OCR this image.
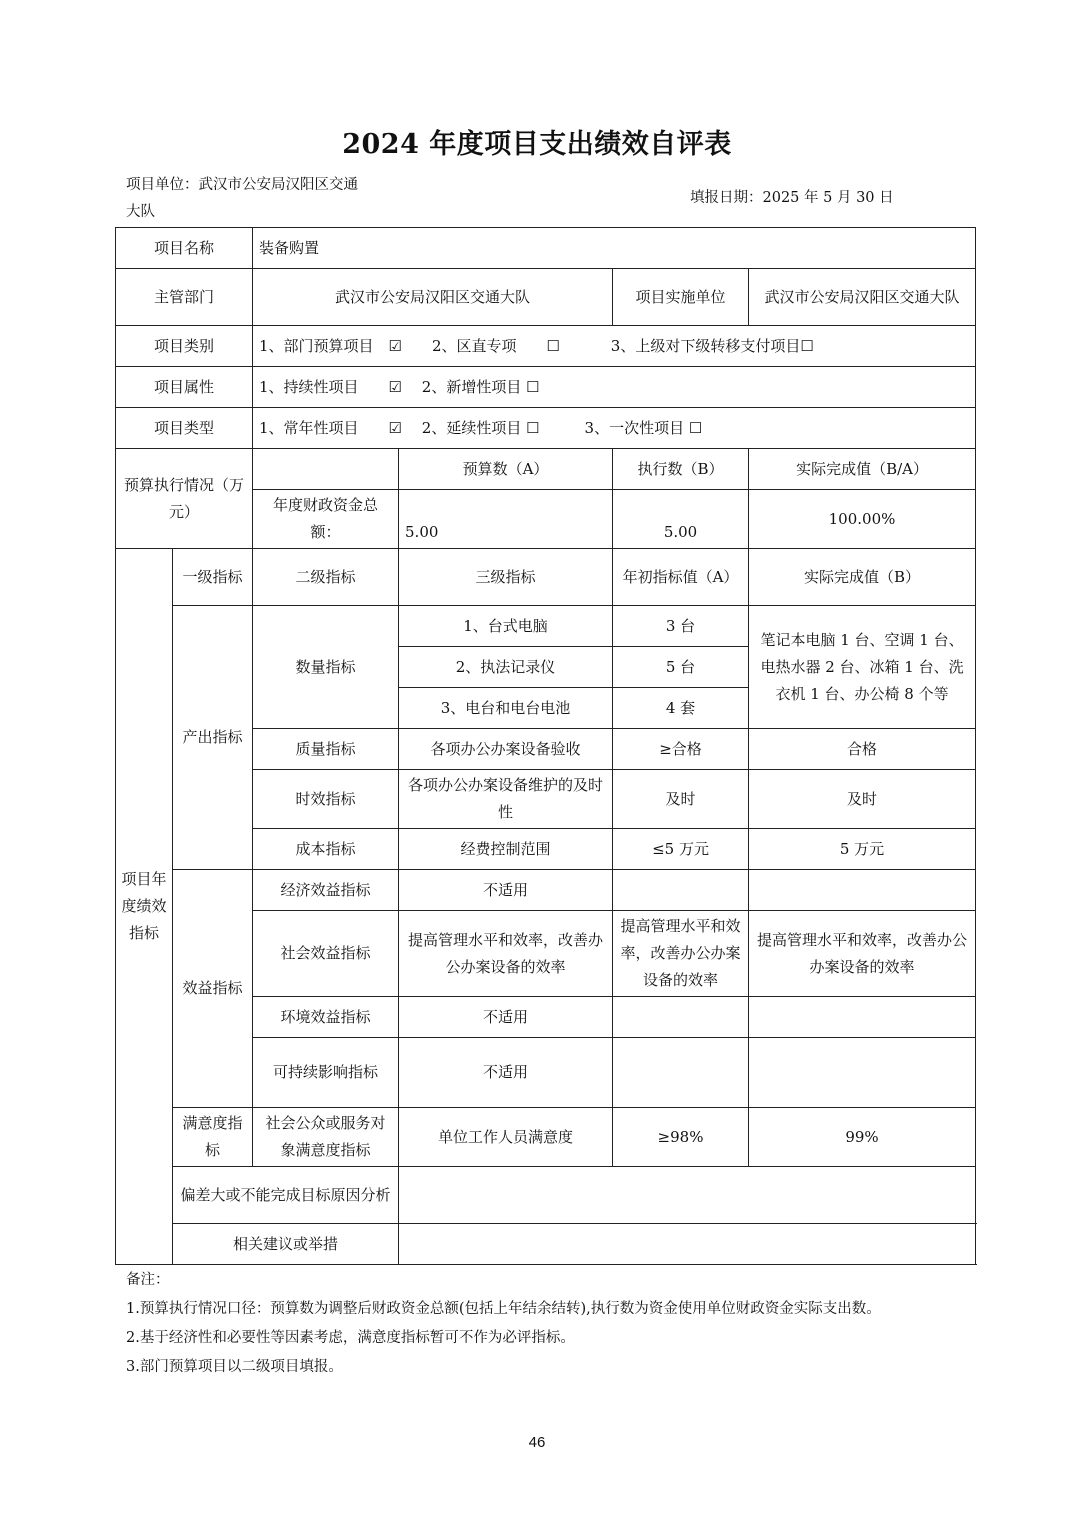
2024 年度项目支出绩效自评表
项目单位：武汉市公安局汉阳区交通
大队
填报日期：2025 年 5 月 30 日
项目名称		装备购置			
主管部门		武汉市公安局汉阳区交通大队		项目实施单位	武汉市公安局汉阳区交通大队
项目类别		1、部门预算项目　☑　　2、区直专项　　☐ 3、上级对下级转移支付项目☐			
项目属性		1、持续性项目　　☑　 2、新增性项目 ☐			
项目类型		1、常年性项目　　☑　 2、延续性项目 ☐　　　3、一次性项目 ☐			
预算执行情况（万元）			预算数（A）	执行数（B）	实际完成值（B/A）
		年度财政资金总额：	5.00	5.00	100.00%
项目年度绩效指标	一级指标	二级指标	三级指标	年初指标值（A）	实际完成值（B）
	产出指标	数量指标	1、台式电脑	3 台	笔记本电脑 1 台、空调 1 台、电热水器 2 台、冰箱 1 台、洗衣机 1 台、办公椅 8 个等
			2、执法记录仪	5 台	
			3、电台和电台电池	4 套	
		质量指标	各项办公办案设备验收	≥合格	合格
		时效指标	各项办公办案设备维护的及时性	及时	及时
		成本指标	经费控制范围	≤5 万元	5 万元
	效益指标	经济效益指标	不适用		
		社会效益指标	提高管理水平和效率，改善办公办案设备的效率	提高管理水平和效率，改善办公办案设备的效率	提高管理水平和效率，改善办公办案设备的效率
		环境效益指标	不适用		
		可持续影响指标	不适用		
	满意度指标	社会公众或服务对象满意度指标	单位工作人员满意度	≥98%	99%
	偏差大或不能完成目标原因分析				
	相关建议或举措				
备注：
1.预算执行情况口径：预算数为调整后财政资金总额(包括上年结余结转),执行数为资金使用单位财政资金实际支出数。
2.基于经济性和必要性等因素考虑，满意度指标暂可不作为必评指标。
3.部门预算项目以二级项目填报。
46
